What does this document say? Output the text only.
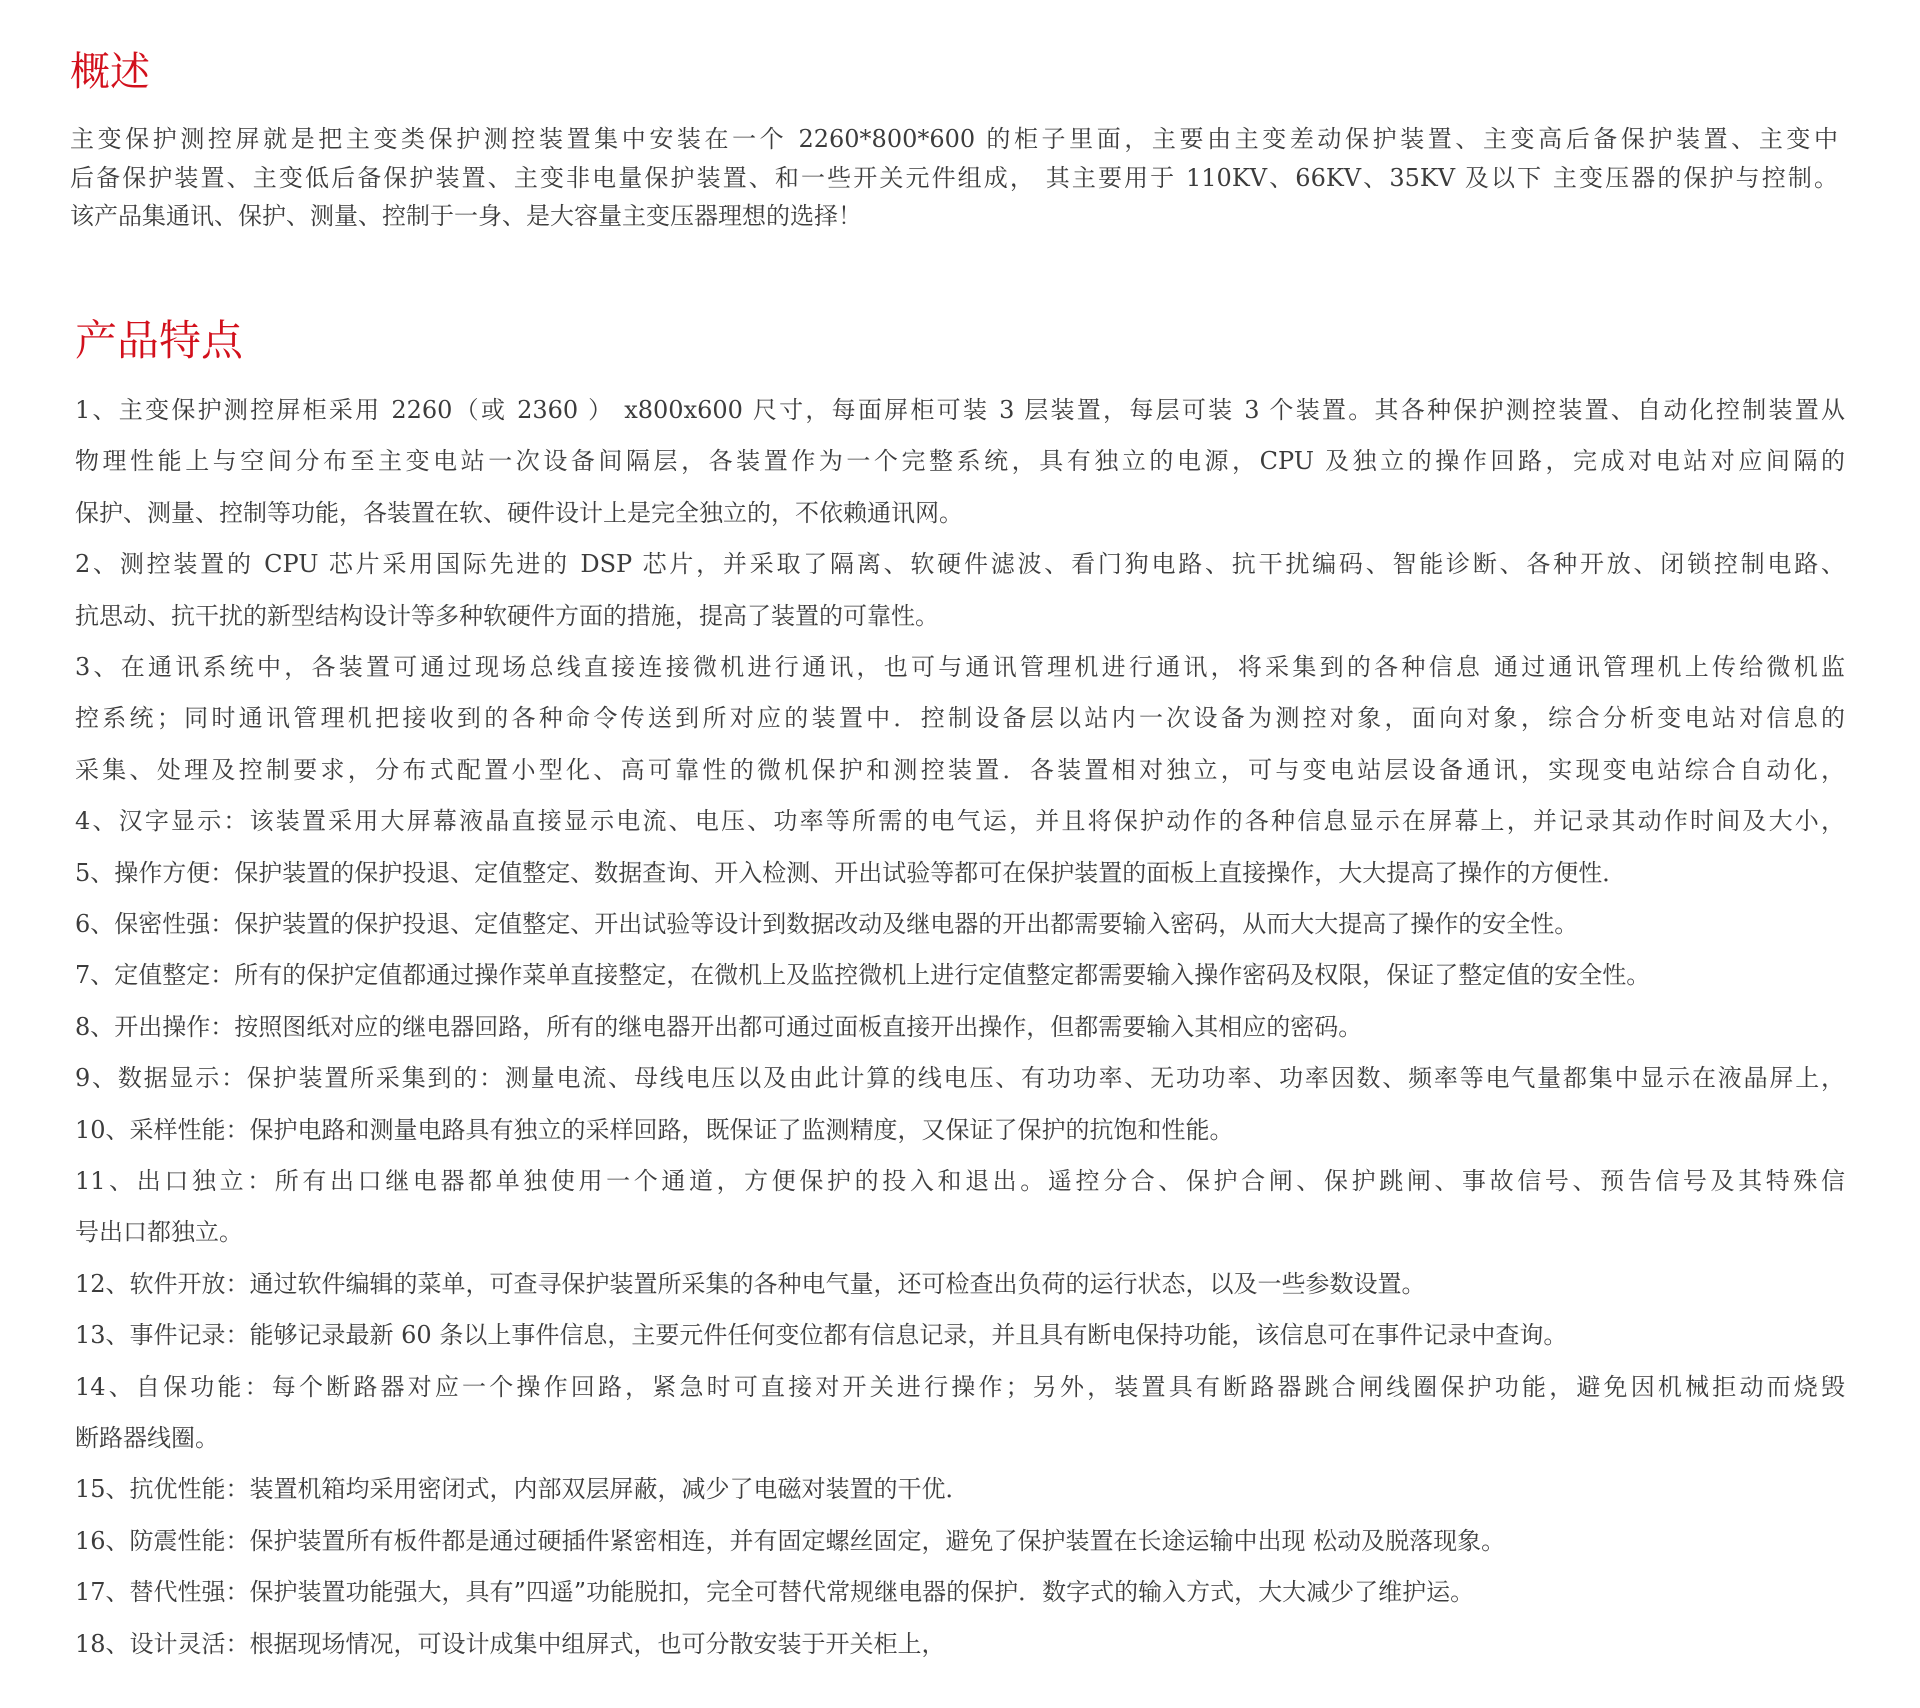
概述
主变保护测控屏就是把主变类保护测控装置集中安装在一个 2260*800*600 的柜子里面，主要由主变差动保护装置、主变高后备保护装置、主变中
后备保护装置、主变低后备保护装置、主变非电量保护装置、和一些开关元件组成， 其主要用于 110KV、66KV、35KV 及以下 主变压器的保护与控制。
该产品集通讯、保护、测量、控制于一身、是大容量主变压器理想的选择！
产品特点
1、主变保护测控屏柜采用 2260（或 2360 ） x800x600 尺寸，每面屏柜可装 3 层装置，每层可装 3 个装置。其各种保护测控装置、自动化控制装置从
物理性能上与空间分布至主变电站一次设备间隔层，各装置作为一个完整系统，具有独立的电源，CPU 及独立的操作回路，完成对电站对应间隔的
保护、测量、控制等功能，各装置在软、硬件设计上是完全独立的，不依赖通讯网。
2、测控装置的 CPU 芯片采用国际先进的 DSP 芯片，并采取了隔离、软硬件滤波、看门狗电路、抗干扰编码、智能诊断、各种开放、闭锁控制电路、
抗思动、抗干扰的新型结构设计等多种软硬件方面的措施，提高了装置的可靠性。
3、在通讯系统中，各装置可通过现场总线直接连接微机进行通讯，也可与通讯管理机进行通讯，将采集到的各种信息 通过通讯管理机上传给微机监
控系统；同时通讯管理机把接收到的各种命令传送到所对应的装置中．控制设备层以站内一次设备为测控对象，面向对象，综合分析变电站对信息的
采集、处理及控制要求，分布式配置小型化、高可靠性的微机保护和测控装置．各装置相对独立，可与变电站层设备通讯，实现变电站综合自动化，
4、汉字显示：该装置采用大屏幕液晶直接显示电流、电压、功率等所需的电气运，并且将保护动作的各种信息显示在屏幕上，并记录其动作时间及大小，
5、操作方便：保护装置的保护投退、定值整定、数据查询、开入检测、开出试验等都可在保护装置的面板上直接操作，大大提高了操作的方便性．
6、保密性强：保护装置的保护投退、定值整定、开出试验等设计到数据改动及继电器的开出都需要输入密码，从而大大提高了操作的安全性。
7、定值整定：所有的保护定值都通过操作菜单直接整定，在微机上及监控微机上进行定值整定都需要输入操作密码及权限，保证了整定值的安全性。
8、开出操作：按照图纸对应的继电器回路，所有的继电器开出都可通过面板直接开出操作，但都需要输入其相应的密码。
9、数据显示：保护装置所采集到的：测量电流、母线电压以及由此计算的线电压、有功功率、无功功率、功率因数、频率等电气量都集中显示在液晶屏上，
10、采样性能：保护电路和测量电路具有独立的采样回路，既保证了监测精度，又保证了保护的抗饱和性能。
11、出口独立：所有出口继电器都单独使用一个通道，方便保护的投入和退出。遥控分合、保护合闸、保护跳闸、事故信号、预告信号及其特殊信
号出口都独立。
12、软件开放：通过软件编辑的菜单，可查寻保护装置所采集的各种电气量，还可检查出负荷的运行状态，以及一些参数设置。
13、事件记录：能够记录最新 60 条以上事件信息，主要元件任何变位都有信息记录，并且具有断电保持功能，该信息可在事件记录中查询。
14、自保功能：每个断路器对应一个操作回路，紧急时可直接对开关进行操作；另外，装置具有断路器跳合闸线圈保护功能，避免因机械拒动而烧毁
断路器线圈。
15、抗优性能：装置机箱均采用密闭式，内部双层屏蔽，减少了电磁对装置的干优．
16、防震性能：保护装置所有板件都是通过硬插件紧密相连，并有固定螺丝固定，避免了保护装置在长途运输中出现 松动及脱落现象。
17、替代性强：保护装置功能强大，具有”四遥”功能脱扣，完全可替代常规继电器的保护．数字式的输入方式，大大减少了维护运。
18、设计灵活：根据现场情况，可设计成集中组屏式，也可分散安装于开关柜上，
